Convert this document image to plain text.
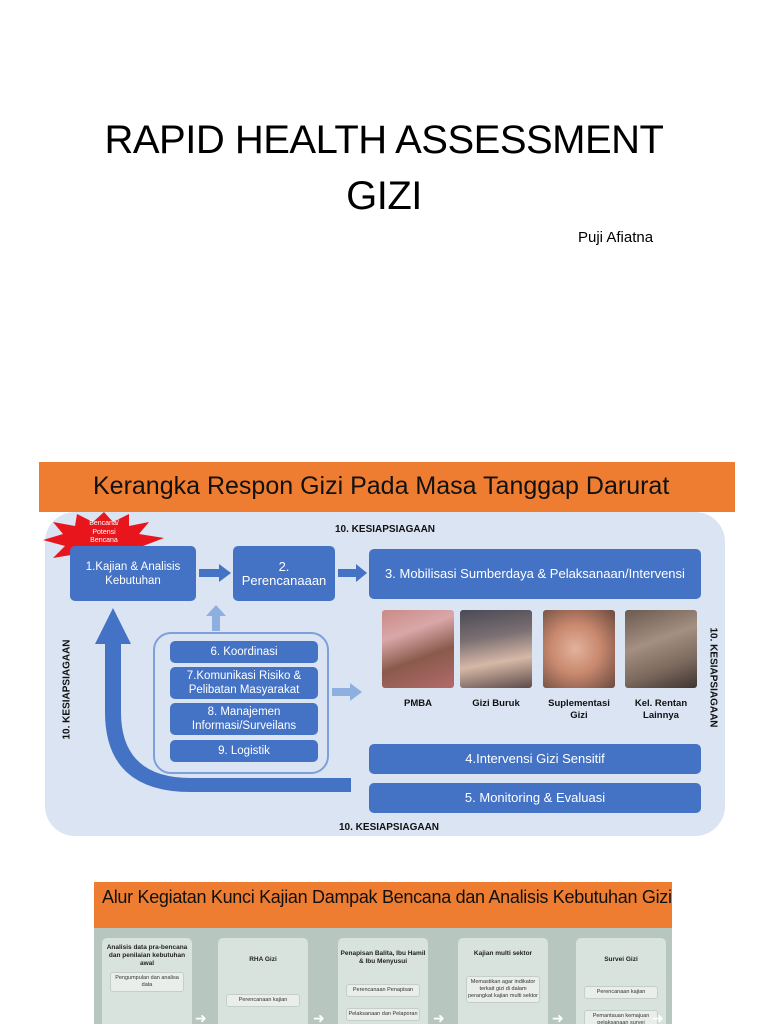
RAPID HEALTH ASSESSMENT
GIZI
Puji Afiatna
Kerangka Respon Gizi Pada Masa Tanggap Darurat
Bencana/
Potensi
Bencana
10. KESIAPSIAGAAN
10. KESIAPSIAGAAN
10. KESIAPSIAGAAN	10. KESIAPSIAGAAN
1.Kajian & Analisis Kebutuhan
2. Perencanaaan	3. Mobilisasi Sumberdaya & Pelaksanaan/Intervensi
6. Koordinasi
7.Komunikasi Risiko & Pelibatan Masyarakat
8. Manajemen Informasi/Surveilans
9. Logistik
PMBA	Gizi Buruk	Suplementasi Gizi
Kel. Rentan Lainnya
4.Intervensi Gizi Sensitif
5. Monitoring & Evaluasi
Alur Kegiatan Kunci Kajian Dampak Bencana dan Analisis Kebutuhan Gizi
Analisis data pra-bencana dan penilaian kebutuhan awal
Pengumpulan dan analisa data
RHA Gizi
Perencanaan kajian
Penapisan Balita, Ibu Hamil & Ibu Menyusui
Perencanaan Penapisan
Pelaksanaan dan Pelaporan
Kajian multi sektor
Memastikan agar indikator terkait gizi di dalam perangkat kajian multi sektor
Survei Gizi
Perencanaan kajian
Pemantauan kemajuan pelaksanaan survei
➜	➜	➜	➜	➜
